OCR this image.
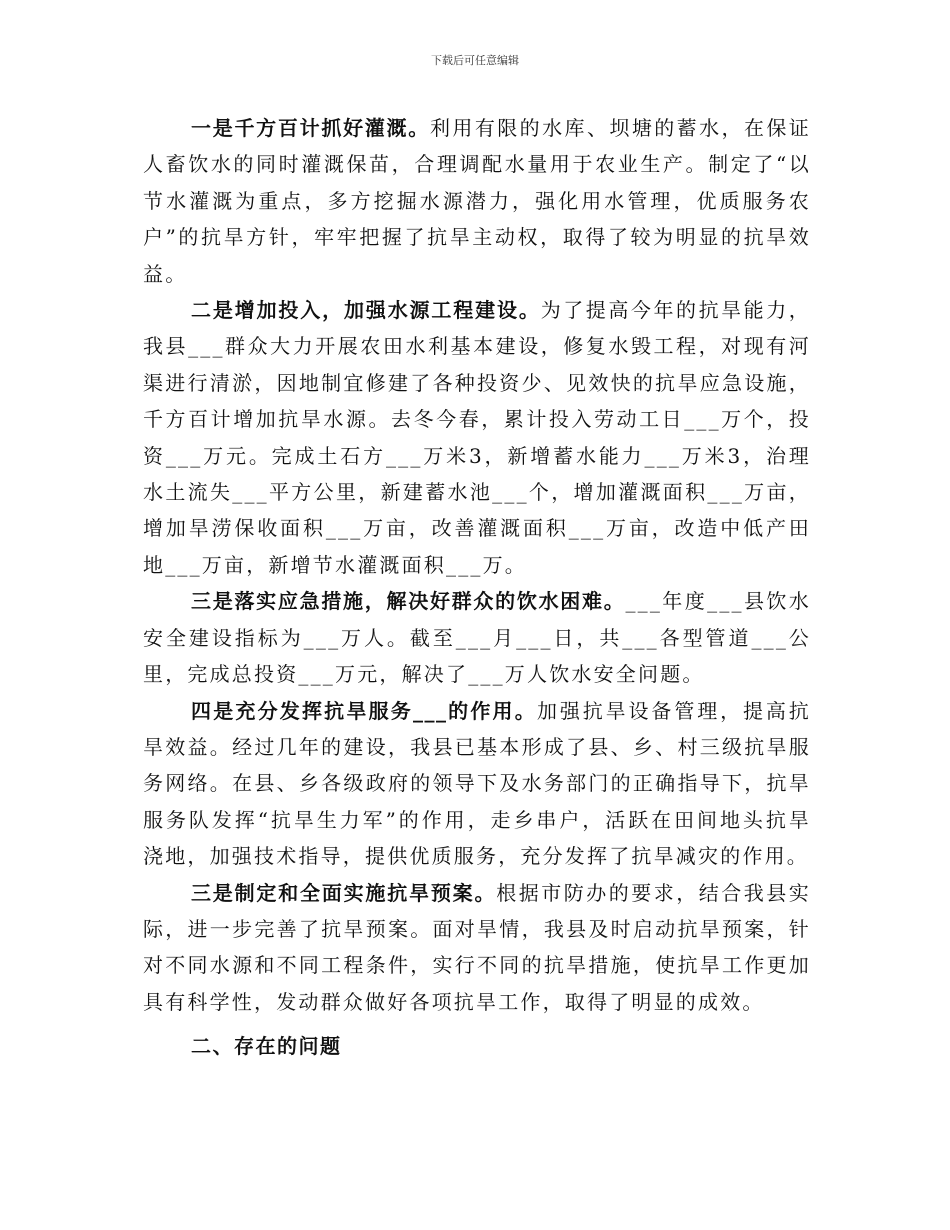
下载后可任意编辑

一是千方百计抓好灌溉。利用有限的水库、坝塘的蓄水，在保证人畜饮水的同时灌溉保苗，合理调配水量用于农业生产。制定了“以节水灌溉为重点，多方挖掘水源潜力，强化用水管理，优质服务农户”的抗旱方针，牢牢把握了抗旱主动权，取得了较为明显的抗旱效益。

二是增加投入，加强水源工程建设。为了提高今年的抗旱能力，我县___群众大力开展农田水利基本建设，修复水毁工程，对现有河渠进行清淤，因地制宜修建了各种投资少、见效快的抗旱应急设施，千方百计增加抗旱水源。去冬今春，累计投入劳动工日___万个，投资___万元。完成土石方___万米3，新增蓄水能力___万米3，治理水土流失___平方公里，新建蓄水池___个，增加灌溉面积___万亩，增加旱涝保收面积___万亩，改善灌溉面积___万亩，改造中低产田地___万亩，新增节水灌溉面积___万。

三是落实应急措施，解决好群众的饮水困难。___年度___县饮水安全建设指标为___万人。截至___月___日，共___各型管道___公里，完成总投资___万元，解决了___万人饮水安全问题。

四是充分发挥抗旱服务___的作用。加强抗旱设备管理，提高抗旱效益。经过几年的建设，我县已基本形成了县、乡、村三级抗旱服务网络。在县、乡各级政府的领导下及水务部门的正确指导下，抗旱服务队发挥“抗旱生力军”的作用，走乡串户，活跃在田间地头抗旱浇地，加强技术指导，提供优质服务，充分发挥了抗旱减灾的作用。

三是制定和全面实施抗旱预案。根据市防办的要求，结合我县实际，进一步完善了抗旱预案。面对旱情，我县及时启动抗旱预案，针对不同水源和不同工程条件，实行不同的抗旱措施，使抗旱工作更加具有科学性，发动群众做好各项抗旱工作，取得了明显的成效。

二、存在的问题
